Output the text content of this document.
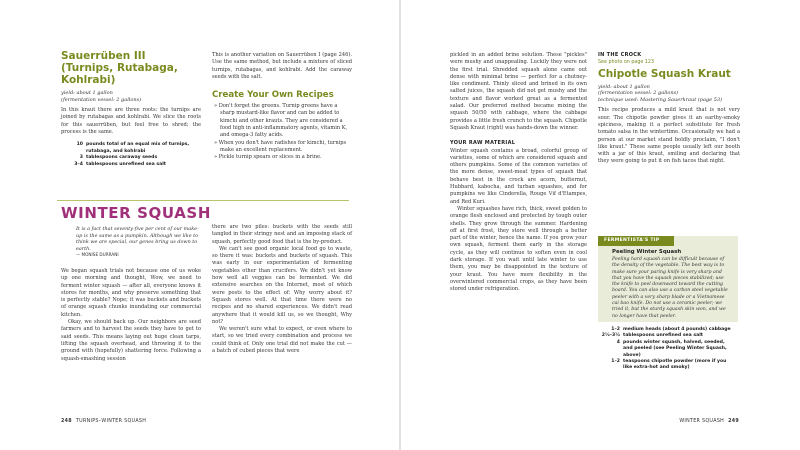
Sauerrüben III (Turnips, Rutabaga, Kohlrabi)
yield: about 1 gallon
(fermentation vessel: 2 gallons)

In this kraut there are three roots: the turnips are joined by rutabagas and kohlrabi. We slice the roots for this sauerrüben, but feel free to shred; the process is the same.

10 pounds total of an equal mix of turnips,
rutabaga, and kohlrabi
3 tablespoons caraway seeds
3–4 tablespoons unrefined sea salt

This is another variation on Sauerrüben I (page 246). Use the same method, but include a mixture of sliced turnips, rutabagas, and kohlrabi. Add the caraway seeds with the salt.

Create Your Own Recipes
» Don't forget the greens. Turnip greens have a sharp mustard-like flavor and can be added to kimchi and other krauts. They are considered a food high in anti-inflammatory agents, vitamin K, and omega-3 fatty acids.
» When you don't have radishes for kimchi, turnips make an excellent replacement.
» Pickle turnip spears or slices in a brine.
WINTER SQUASH
It is a fact that seventy-five per cent of our make-up is the same as a pumpkin. Although we like to think we are special, our genes bring us down to earth.
— MONISE DURRANI

We began squash trials not because one of us woke up one morning and thought, Wow, we need to ferment winter squash — after all, everyone knows it stores for months, and why preserve something that is perfectly stable? Nope; it was buckets and buckets of orange squash chunks inundating our commercial kitchen.

Okay, we should back up. Our neighbors are seed farmers and to harvest the seeds they have to get to said seeds. This means laying out huge clean tarps, lifting the squash overhead, and throwing it to the ground with (hopefully) shattering force. Following a squash-smashing session

there are two piles: buckets with the seeds still tangled in their stringy nest and an imposing stack of squash, perfectly good food that is the by-product.

We can't see good organic local food go to waste, so there it was: buckets and buckets of squash. This was early in our experimentation of fermenting vegetables other than crucifers. We didn't yet know how well all veggies can be fermented. We did extensive searches on the Internet, most of which were posts to the effect of: Why worry about it? Squash stores well. At that time there were no recipes and no shared experiences. We didn't read anywhere that it would kill us, so we thought, Why not?

We weren't sure what to expect, or even where to start, so we tried every combination and process we could think of. Only one trial did not make the cut — a batch of cubed pieces that were

248 TURNIPS–WINTER SQUASH

pickled in an added brine solution. These "pickles" were mushy and unappealing. Luckily they were not the first trial. Shredded squash alone came out dense with minimal brine — perfect for a chutney-like condiment. Thinly sliced and brined in its own salted juices, the squash did not get mushy and the texture and flavor worked great as a fermented salad. Our preferred method became mixing the squash 50/50 with cabbage, where the cabbage provides a little fresh crunch to the squash. Chipotle Squash Kraut (right) was hands-down the winner.

YOUR RAW MATERIAL

Winter squash contains a broad, colorful group of varieties, some of which are considered squash and others pumpkins. Some of the common varieties of the more dense, sweet-meat types of squash that behave best in the crock are acorn, butternut, Hubbard, kabocha, and turban squashes, and for pumpkins we like Cinderella, Rouge Vif d'Etampes, and Red Kuri.

Winter squashes have rich, thick, sweet golden to orange flesh enclosed and protected by tough outer shells. They grow through the summer. Hardening off at first frost, they store well through a better part of the winter, hence the name. If you grow your own squash, ferment them early in the storage cycle, as they will continue to soften even in cool dark storage. If you wait until late winter to use them, you may be disappointed in the texture of your kraut. You have more flexibility in the overwintered commercial crops, as they have been stored under refrigeration.

IN THE CROCK
See photo on page 123
Chipotle Squash Kraut
yield: about 1 gallon
(fermentation vessel: 2 gallons)
technique used: Mastering Sauerkraut (page 53)

This recipe produces a mild kraut that is not very sour. The chipotle powder gives it an earthy-smoky spiciness, making it a perfect substitute for fresh tomato salsa in the wintertime. Occasionally we had a person at our market stand boldly proclaim, "I don't like kraut." These same people usually left our booth with a jar of this kraut, smiling and declaring that they were going to put it on fish tacos that night.

FERMENTISTA'S TIP
Peeling Winter Squash
Peeling hard squash can be difficult because of the density of the vegetable. The best way is to make sure your paring knife is very sharp and that you have the squash pieces stabilized; use the knife to peel downward toward the cutting board. You can also use a carbon steel vegetable peeler with a very sharp blade or a Vietnamese cai bao knife. Do not use a ceramic peeler; we tried it, but the sturdy squash skin won, and we no longer have that peeler.
1–2 medium heads (about 4 pounds) cabbage
2½–3½ tablespoons unrefined sea salt
4 pounds winter squash, halved, seeded,
and peeled (see Peeling Winter Squash, above)
1–2 teaspoons chipotle powder (more if you
like extra-hot and smoky)
WINTER SQUASH 249
